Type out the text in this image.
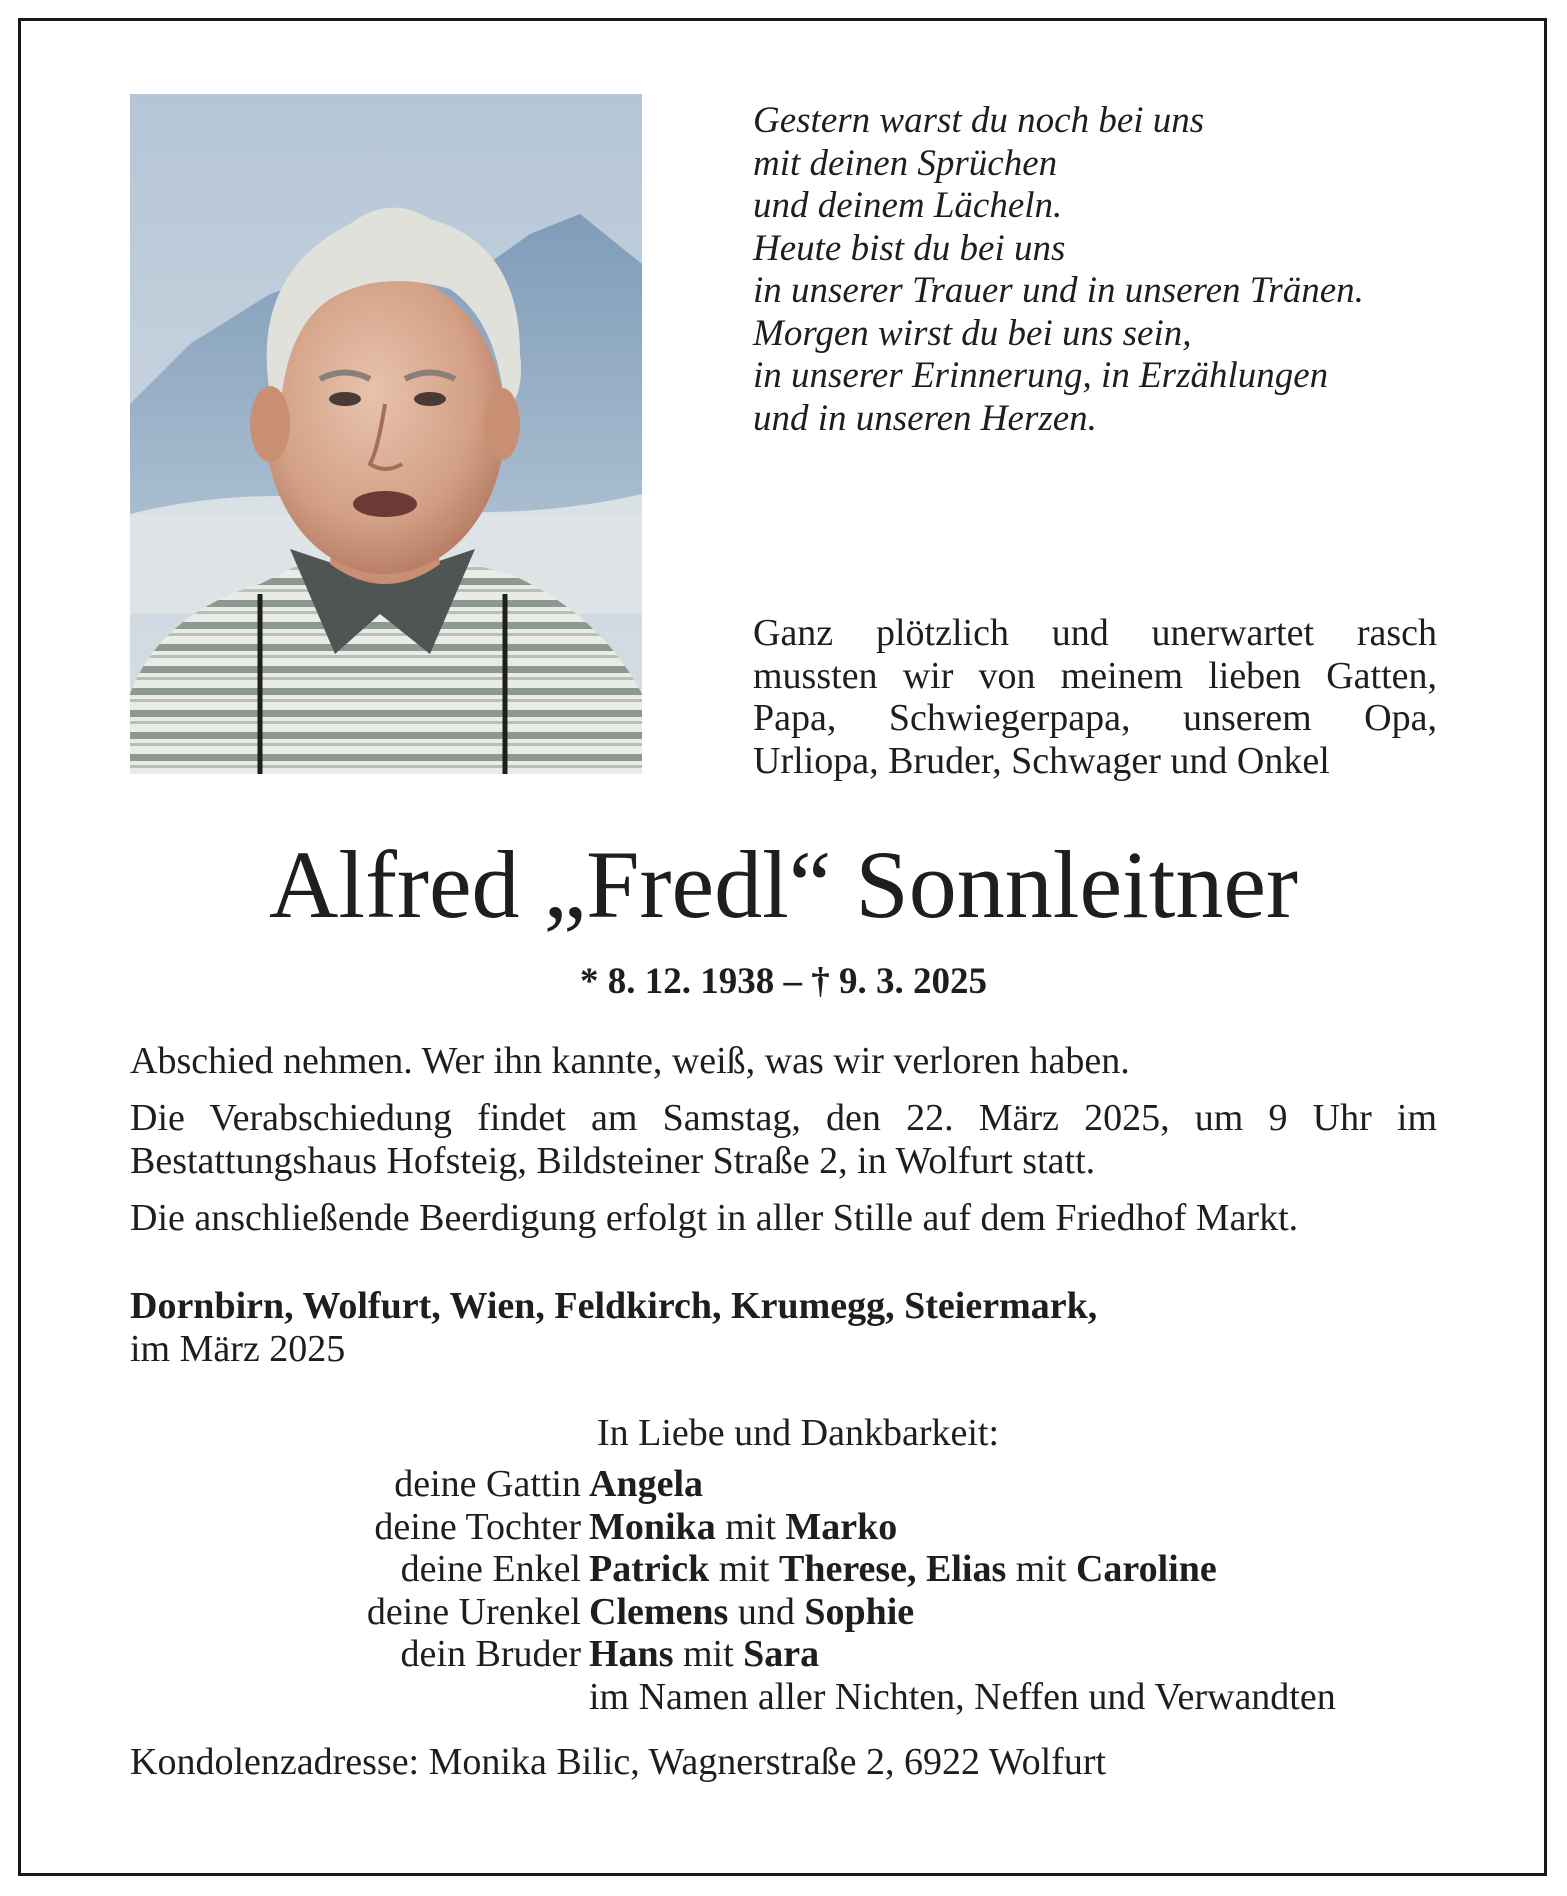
Gestern warst du noch bei uns
mit deinen Sprüchen
und deinem Lächeln.
Heute bist du bei uns
in unserer Trauer und in unseren Tränen.
Morgen wirst du bei uns sein,
in unserer Erinnerung, in Erzählungen
und in unseren Herzen.
Ganz plötzlich und unerwartet rasch mussten wir von meinem lieben Gatten, Papa, Schwiegerpapa, unserem Opa, Urliopa, Bruder, Schwager und Onkel
Alfred „Fredl“ Sonnleitner
* 8. 12. 1938 – † 9. 3. 2025
Abschied nehmen. Wer ihn kannte, weiß, was wir verloren haben.
Die Verabschiedung findet am Samstag, den 22. März 2025, um 9 Uhr im Bestattungshaus Hofsteig, Bildsteiner Straße 2, in Wolfurt statt.
Die anschließende Beerdigung erfolgt in aller Stille auf dem Friedhof Markt.
Dornbirn, Wolfurt, Wien, Feldkirch, Krumegg, Steiermark,
im März 2025
In Liebe und Dankbarkeit:
deine Gattin Angela
deine Tochter Monika mit Marko
deine Enkel Patrick mit Therese, Elias mit Caroline
deine Urenkel Clemens und Sophie
dein Bruder Hans mit Sara
im Namen aller Nichten, Neffen und Verwandten
Kondolenzadresse: Monika Bilic, Wagnerstraße 2, 6922 Wolfurt
